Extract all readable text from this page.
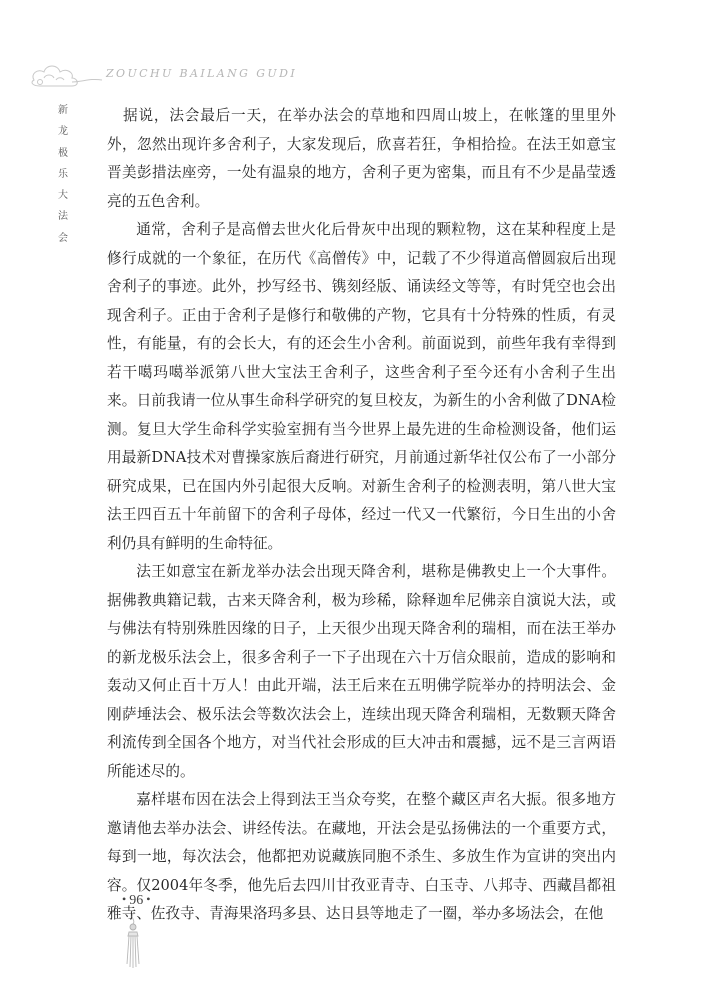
ZOUCHU BAILANG GUDI
新
龙
极
乐
大
法
会

据说，法会最后一天，在举办法会的草地和四周山坡上，在帐篷的里里外外，忽然出现许多舍利子，大家发现后，欣喜若狂，争相拾捡。在法王如意宝晋美彭措法座旁，一处有温泉的地方，舍利子更为密集，而且有不少是晶莹透亮的五色舍利。

通常，舍利子是高僧去世火化后骨灰中出现的颗粒物，这在某种程度上是修行成就的一个象征，在历代《高僧传》中，记载了不少得道高僧圆寂后出现舍利子的事迹。此外，抄写经书、镌刻经版、诵读经文等等，有时凭空也会出现舍利子。正由于舍利子是修行和敬佛的产物，它具有十分特殊的性质，有灵性，有能量，有的会长大，有的还会生小舍利。前面说到，前些年我有幸得到若干噶玛噶举派第八世大宝法王舍利子，这些舍利子至今还有小舍利子生出来。日前我请一位从事生命科学研究的复旦校友，为新生的小舍利做了DNA检测。复旦大学生命科学实验室拥有当今世界上最先进的生命检测设备，他们运用最新DNA技术对曹操家族后裔进行研究，月前通过新华社仅公布了一小部分研究成果，已在国内外引起很大反响。对新生舍利子的检测表明，第八世大宝法王四百五十年前留下的舍利子母体，经过一代又一代繁衍，今日生出的小舍利仍具有鲜明的生命特征。

法王如意宝在新龙举办法会出现天降舍利，堪称是佛教史上一个大事件。据佛教典籍记载，古来天降舍利，极为珍稀，除释迦牟尼佛亲自演说大法，或与佛法有特别殊胜因缘的日子，上天很少出现天降舍利的瑞相，而在法王举办的新龙极乐法会上，很多舍利子一下子出现在六十万信众眼前，造成的影响和轰动又何止百十万人！由此开端，法王后来在五明佛学院举办的持明法会、金刚萨埵法会、极乐法会等数次法会上，连续出现天降舍利瑞相，无数颗天降舍利流传到全国各个地方，对当代社会形成的巨大冲击和震撼，远不是三言两语所能述尽的。

嘉样堪布因在法会上得到法王当众夸奖，在整个藏区声名大振。很多地方邀请他去举办法会、讲经传法。在藏地，开法会是弘扬佛法的一个重要方式，每到一地，每次法会，他都把劝说藏族同胞不杀生、多放生作为宣讲的突出内容。仅2004年冬季，他先后去四川甘孜亚青寺、白玉寺、八邦寺、西藏昌都祖雅寺、佐孜寺、青海果洛玛多县、达日县等地走了一圈，举办多场法会，在他

• 96 •
